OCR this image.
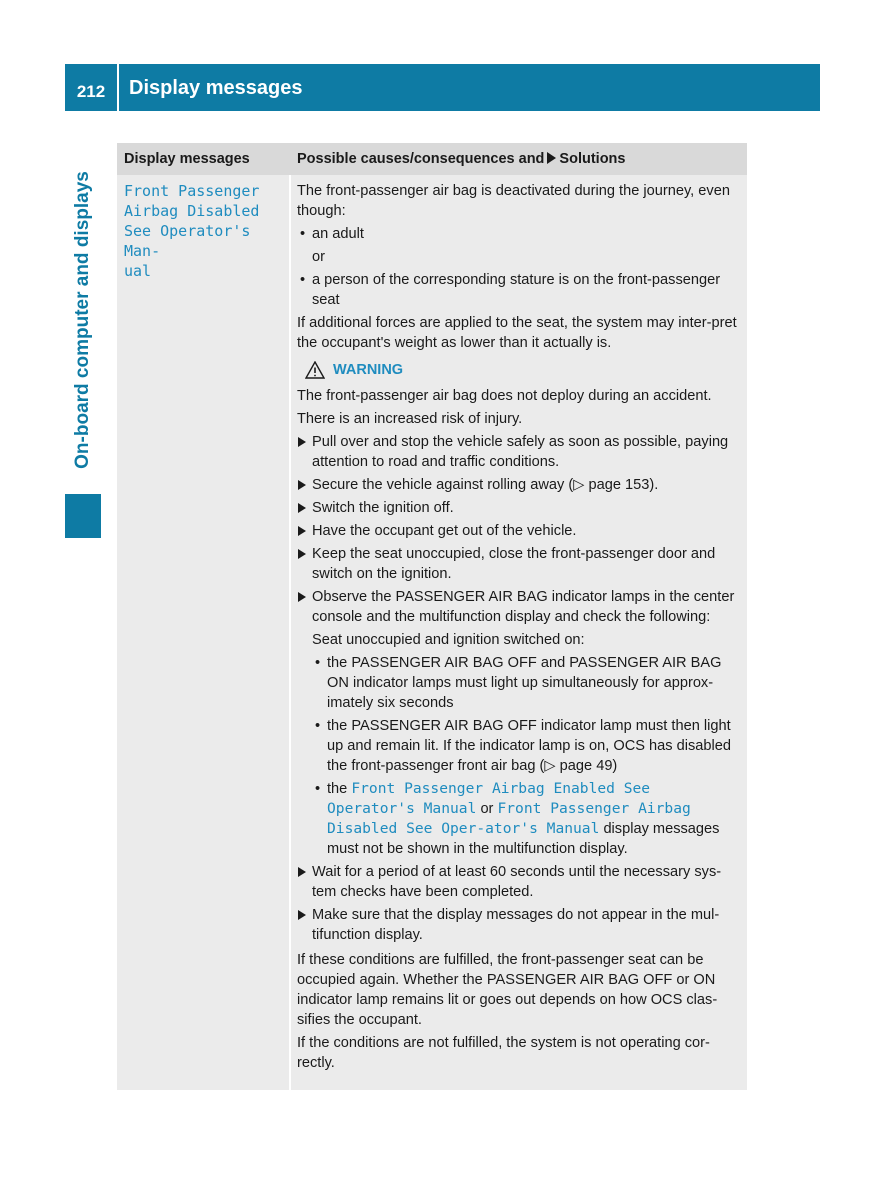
212	Display messages
On-board computer and displays
Display messages	Possible causes/consequences and Solutions
Front Passenger
Airbag Disabled
See Operator's Man-
ual

The front-passenger air bag is deactivated during the journey, even though:

• an adult
or
• a person of the corresponding stature is on the front-passenger seat

If additional forces are applied to the seat, the system may inter-pret the occupant's weight as lower than it actually is.

WARNING

The front-passenger air bag does not deploy during an accident.

There is an increased risk of injury.

Pull over and stop the vehicle safely as soon as possible, paying attention to road and traffic conditions.
Secure the vehicle against rolling away (▷ page 153).
Switch the ignition off.
Have the occupant get out of the vehicle.
Keep the seat unoccupied, close the front-passenger door and switch on the ignition.
Observe the PASSENGER AIR BAG indicator lamps in the center console and the multifunction display and check the following:
Seat unoccupied and ignition switched on:
• the PASSENGER AIR BAG OFF and PASSENGER AIR BAG ON indicator lamps must light up simultaneously for approx-imately six seconds
• the PASSENGER AIR BAG OFF indicator lamp must then light up and remain lit. If the indicator lamp is on, OCS has disabled the front-passenger front air bag (▷ page 49)
• the Front Passenger Airbag Enabled See Operator's Manual or Front Passenger Airbag Disabled See Oper-ator's Manual display messages must not be shown in the multifunction display.
Wait for a period of at least 60 seconds until the necessary sys-tem checks have been completed.
Make sure that the display messages do not appear in the mul-tifunction display.

If these conditions are fulfilled, the front-passenger seat can be occupied again. Whether the PASSENGER AIR BAG OFF or ON indicator lamp remains lit or goes out depends on how OCS clas-sifies the occupant.

If the conditions are not fulfilled, the system is not operating cor-rectly.
